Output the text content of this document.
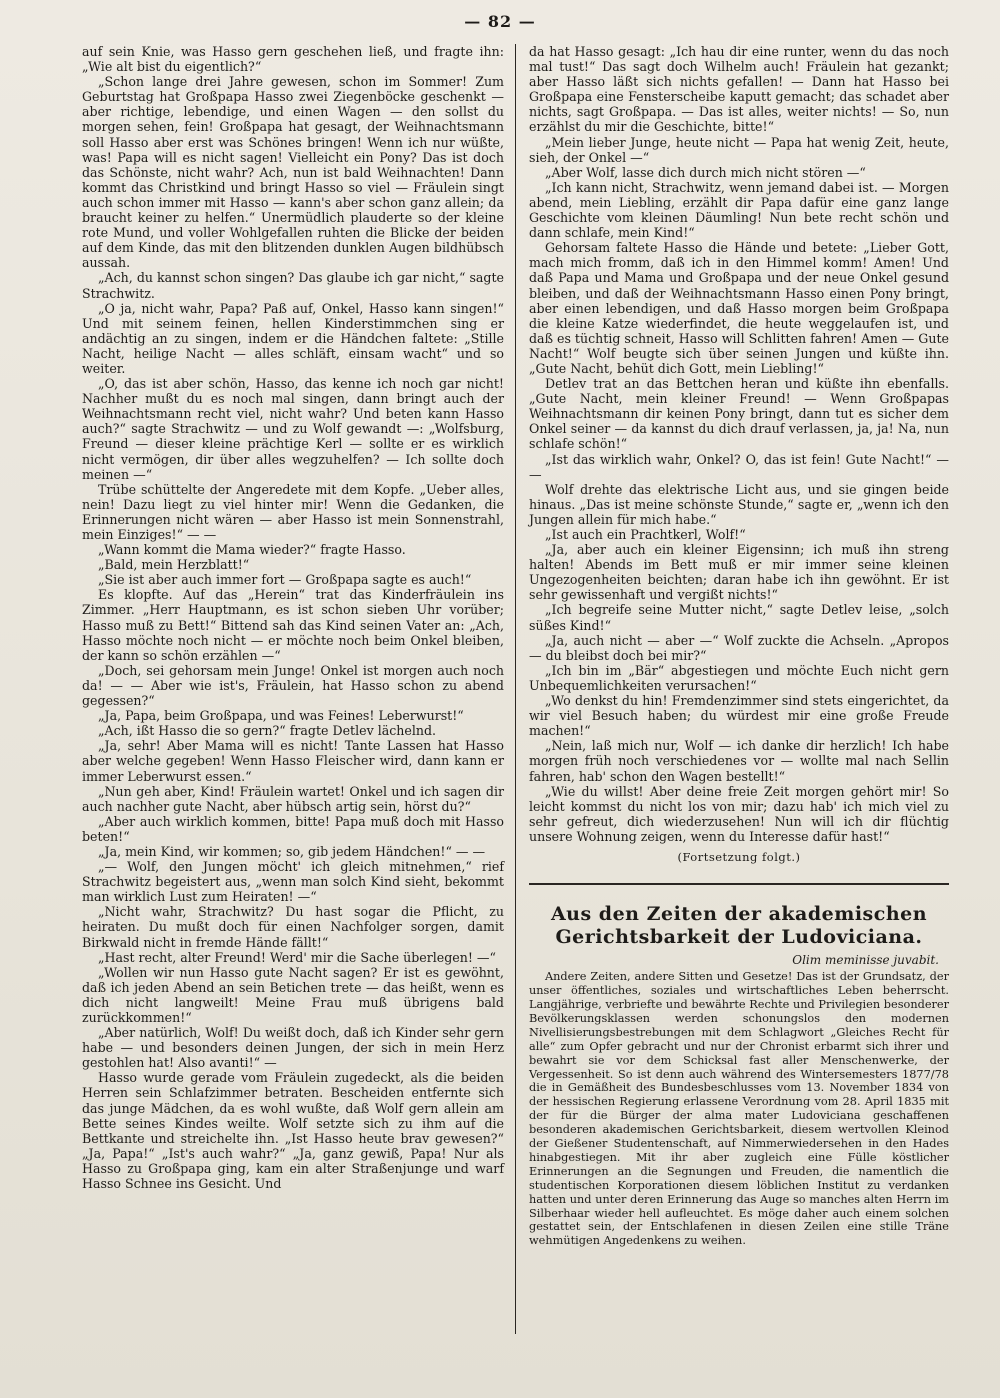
— 82 —

auf sein Knie, was Hasso gern geschehen ließ, und fragte ihn: „Wie alt bist du eigentlich?“

„Schon lange drei Jahre gewesen, schon im Sommer! Zum Geburtstag hat Großpapa Hasso zwei Ziegenböcke geschenkt — aber richtige, lebendige, und einen Wagen — den sollst du morgen sehen, fein! Großpapa hat gesagt, der Weihnachtsmann soll Hasso aber erst was Schönes bringen! Wenn ich nur wüßte, was! Papa will es nicht sagen! Vielleicht ein Pony? Das ist doch das Schönste, nicht wahr? Ach, nun ist bald Weihnachten! Dann kommt das Christkind und bringt Hasso so viel — Fräulein singt auch schon immer mit Hasso — kann's aber schon ganz allein; da braucht keiner zu helfen.“ Unermüdlich plauderte so der kleine rote Mund, und voller Wohlgefallen ruhten die Blicke der beiden auf dem Kinde, das mit den blitzenden dunklen Augen bildhübsch aussah.

„Ach, du kannst schon singen? Das glaube ich gar nicht,“ sagte Strachwitz.

„O ja, nicht wahr, Papa? Paß auf, Onkel, Hasso kann singen!“ Und mit seinem feinen, hellen Kinderstimmchen sing er andächtig an zu singen, indem er die Händchen faltete: „Stille Nacht, heilige Nacht — alles schläft, einsam wacht“ und so weiter.

„O, das ist aber schön, Hasso, das kenne ich noch gar nicht! Nachher mußt du es noch mal singen, dann bringt auch der Weihnachtsmann recht viel, nicht wahr? Und beten kann Hasso auch?“ sagte Strachwitz — und zu Wolf gewandt —: „Wolfsburg, Freund — dieser kleine prächtige Kerl — sollte er es wirklich nicht vermögen, dir über alles wegzuhelfen? — Ich sollte doch meinen —“

Trübe schüttelte der Angeredete mit dem Kopfe. „Ueber alles, nein! Dazu liegt zu viel hinter mir! Wenn die Gedanken, die Erinnerungen nicht wären — aber Hasso ist mein Sonnenstrahl, mein Einziges!“ — —

„Wann kommt die Mama wieder?“ fragte Hasso.

„Bald, mein Herzblatt!“

„Sie ist aber auch immer fort — Großpapa sagte es auch!“

Es klopfte. Auf das „Herein“ trat das Kinderfräulein ins Zimmer. „Herr Hauptmann, es ist schon sieben Uhr vorüber; Hasso muß zu Bett!“ Bittend sah das Kind seinen Vater an: „Ach, Hasso möchte noch nicht — er möchte noch beim Onkel bleiben, der kann so schön erzählen —“

„Doch, sei gehorsam mein Junge! Onkel ist morgen auch noch da! — — Aber wie ist's, Fräulein, hat Hasso schon zu abend gegessen?“

„Ja, Papa, beim Großpapa, und was Feines! Leberwurst!“

„Ach, ißt Hasso die so gern?“ fragte Detlev lächelnd.

„Ja, sehr! Aber Mama will es nicht! Tante Lassen hat Hasso aber welche gegeben! Wenn Hasso Fleischer wird, dann kann er immer Leberwurst essen.“

„Nun geh aber, Kind! Fräulein wartet! Onkel und ich sagen dir auch nachher gute Nacht, aber hübsch artig sein, hörst du?“

„Aber auch wirklich kommen, bitte! Papa muß doch mit Hasso beten!“

„Ja, mein Kind, wir kommen; so, gib jedem Händchen!“ — —

„— Wolf, den Jungen möcht' ich gleich mitnehmen,“ rief Strachwitz begeistert aus, „wenn man solch Kind sieht, bekommt man wirklich Lust zum Heiraten! —“

„Nicht wahr, Strachwitz? Du hast sogar die Pflicht, zu heiraten. Du mußt doch für einen Nachfolger sorgen, damit Birkwald nicht in fremde Hände fällt!“

„Hast recht, alter Freund! Werd' mir die Sache überlegen! —“

„Wollen wir nun Hasso gute Nacht sagen? Er ist es gewöhnt, daß ich jeden Abend an sein Betichen trete — das heißt, wenn es dich nicht langweilt! Meine Frau muß übrigens bald zurückkommen!“

„Aber natürlich, Wolf! Du weißt doch, daß ich Kinder sehr gern habe — und besonders deinen Jungen, der sich in mein Herz gestohlen hat! Also avanti!“ —

Hasso wurde gerade vom Fräulein zugedeckt, als die beiden Herren sein Schlafzimmer betraten. Bescheiden entfernte sich das junge Mädchen, da es wohl wußte, daß Wolf gern allein am Bette seines Kindes weilte. Wolf setzte sich zu ihm auf die Bettkante und streichelte ihn. „Ist Hasso heute brav gewesen?“ „Ja, Papa!“ „Ist's auch wahr?“ „Ja, ganz gewiß, Papa! Nur als Hasso zu Großpapa ging, kam ein alter Straßenjunge und warf Hasso Schnee ins Gesicht. Und

da hat Hasso gesagt: „Ich hau dir eine runter, wenn du das noch mal tust!“ Das sagt doch Wilhelm auch! Fräulein hat gezankt; aber Hasso läßt sich nichts gefallen! — Dann hat Hasso bei Großpapa eine Fensterscheibe kaputt gemacht; das schadet aber nichts, sagt Großpapa. — Das ist alles, weiter nichts! — So, nun erzählst du mir die Geschichte, bitte!“

„Mein lieber Junge, heute nicht — Papa hat wenig Zeit, heute, sieh, der Onkel —“

„Aber Wolf, lasse dich durch mich nicht stören —“

„Ich kann nicht, Strachwitz, wenn jemand dabei ist. — Morgen abend, mein Liebling, erzählt dir Papa dafür eine ganz lange Geschichte vom kleinen Däumling! Nun bete recht schön und dann schlafe, mein Kind!“

Gehorsam faltete Hasso die Hände und betete: „Lieber Gott, mach mich fromm, daß ich in den Himmel komm! Amen! Und daß Papa und Mama und Großpapa und der neue Onkel gesund bleiben, und daß der Weihnachtsmann Hasso einen Pony bringt, aber einen lebendigen, und daß Hasso morgen beim Großpapa die kleine Katze wiederfindet, die heute weggelaufen ist, und daß es tüchtig schneit, Hasso will Schlitten fahren! Amen — Gute Nacht!“ Wolf beugte sich über seinen Jungen und küßte ihn. „Gute Nacht, behüt dich Gott, mein Liebling!“

Detlev trat an das Bettchen heran und küßte ihn ebenfalls. „Gute Nacht, mein kleiner Freund! — Wenn Großpapas Weihnachtsmann dir keinen Pony bringt, dann tut es sicher dem Onkel seiner — da kannst du dich drauf verlassen, ja, ja! Na, nun schlafe schön!“

„Ist das wirklich wahr, Onkel? O, das ist fein! Gute Nacht!“ — —

Wolf drehte das elektrische Licht aus, und sie gingen beide hinaus. „Das ist meine schönste Stunde,“ sagte er, „wenn ich den Jungen allein für mich habe.“

„Ist auch ein Prachtkerl, Wolf!“

„Ja, aber auch ein kleiner Eigensinn; ich muß ihn streng halten! Abends im Bett muß er mir immer seine kleinen Ungezogenheiten beichten; daran habe ich ihn gewöhnt. Er ist sehr gewissenhaft und vergißt nichts!“

„Ich begreife seine Mutter nicht,“ sagte Detlev leise, „solch süßes Kind!“

„Ja, auch nicht — aber —“ Wolf zuckte die Achseln. „Apropos — du bleibst doch bei mir?“

„Ich bin im „Bär“ abgestiegen und möchte Euch nicht gern Unbequemlichkeiten verursachen!“

„Wo denkst du hin! Fremdenzimmer sind stets eingerichtet, da wir viel Besuch haben; du würdest mir eine große Freude machen!“

„Nein, laß mich nur, Wolf — ich danke dir herzlich! Ich habe morgen früh noch verschiedenes vor — wollte mal nach Sellin fahren, hab' schon den Wagen bestellt!“

„Wie du willst! Aber deine freie Zeit morgen gehört mir! So leicht kommst du nicht los von mir; dazu hab' ich mich viel zu sehr gefreut, dich wiederzusehen! Nun will ich dir flüchtig unsere Wohnung zeigen, wenn du Interesse dafür hast!“

(Fortsetzung folgt.)
Aus den Zeiten der akademischen Gerichtsbarkeit der Ludoviciana.
Olim meminisse juvabit.

Andere Zeiten, andere Sitten und Gesetze! Das ist der Grundsatz, der unser öffentliches, soziales und wirtschaftliches Leben beherrscht. Langjährige, verbriefte und bewährte Rechte und Privilegien besonderer Bevölkerungsklassen werden schonungslos den modernen Nivellisierungsbestrebungen mit dem Schlagwort „Gleiches Recht für alle“ zum Opfer gebracht und nur der Chronist erbarmt sich ihrer und bewahrt sie vor dem Schicksal fast aller Menschenwerke, der Vergessenheit. So ist denn auch während des Wintersemesters 1877/78 die in Gemäßheit des Bundesbeschlusses vom 13. November 1834 von der hessischen Regierung erlassene Verordnung vom 28. April 1835 mit der für die Bürger der alma mater Ludoviciana geschaffenen besonderen akademischen Gerichtsbarkeit, diesem wertvollen Kleinod der Gießener Studentenschaft, auf Nimmerwiedersehen in den Hades hinabgestiegen. Mit ihr aber zugleich eine Fülle köstlicher Erinnerungen an die Segnungen und Freuden, die namentlich die studentischen Korporationen diesem löblichen Institut zu verdanken hatten und unter deren Erinnerung das Auge so manches alten Herrn im Silberhaar wieder hell aufleuchtet. Es möge daher auch einem solchen gestattet sein, der Entschlafenen in diesen Zeilen eine stille Träne wehmütigen Angedenkens zu weihen.
